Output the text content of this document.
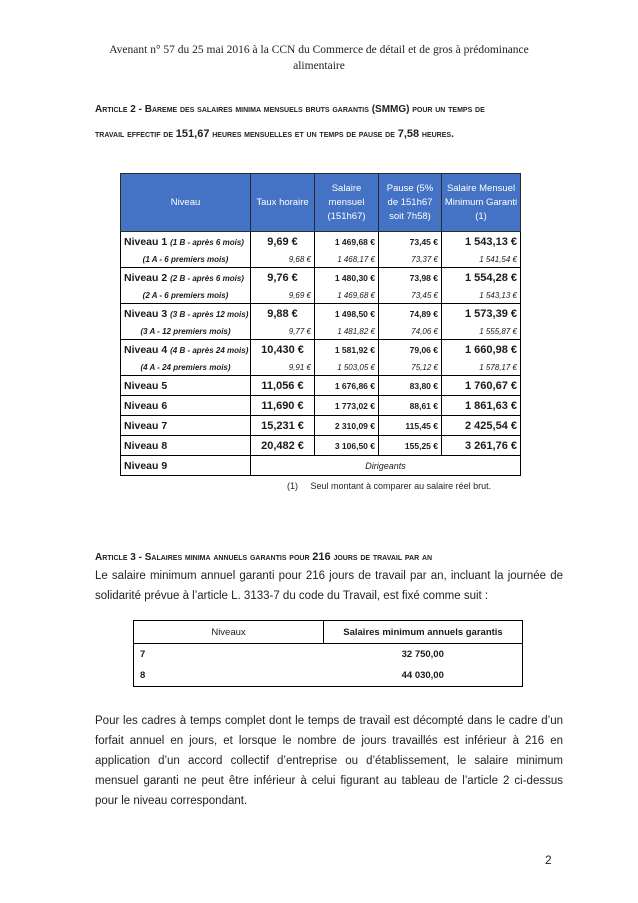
Avenant n° 57 du 25 mai 2016 à la CCN du Commerce de détail et de gros à prédominance
alimentaire
Article 2 - Bareme des salaires minima mensuels bruts garantis (SMMG) pour un temps de
travail effectif de 151,67 heures mensuelles et un temps de pause de 7,58 heures.
Niveau	Taux horaire	Salaire mensuel (151h67)	Pause (5% de 151h67 soit 7h58)	Salaire Mensuel Minimum Garanti (1)
Niveau 1 (1 B - après 6 mois)	9,69 €	1 469,68 €	73,45 €	1 543,13 €
(1 A - 6 premiers mois)	9,68 €	1 468,17 €	73,37 €	1 541,54 €
Niveau 2 (2 B - après 6 mois)	9,76 €	1 480,30 €	73,98 €	1 554,28 €
(2 A - 6 premiers mois)	9,69 €	1 469,68 €	73,45 €	1 543,13 €
Niveau 3 (3 B - après 12 mois)	9,88 €	1 498,50 €	74,89 €	1 573,39 €
(3 A - 12 premiers mois)	9,77 €	1 481,82 €	74,06 €	1 555,87 €
Niveau 4 (4 B - après 24 mois)	10,430 €	1 581,92 €	79,06 €	1 660,98 €
(4 A - 24 premiers mois)	9,91 €	1 503,05 €	75,12 €	1 578,17 €
Niveau 5	11,056 €	1 676,86 €	83,80 €	1 760,67 €
Niveau 6	11,690 €	1 773,02 €	88,61 €	1 861,63 €
Niveau 7	15,231 €	2 310,09 €	115,45 €	2 425,54 €
Niveau 8	20,482 €	3 106,50 €	155,25 €	3 261,76 €
Niveau 9	Dirigeants			
(1) Seul montant à comparer au salaire réel brut.
Article 3 - Salaires minima annuels garantis pour 216 jours de travail par an
Le salaire minimum annuel garanti pour 216 jours de travail par an, incluant la journée de solidarité prévue à l’article L. 3133-7 du code du Travail, est fixé comme suit :
Niveaux	Salaires minimum annuels garantis
7	32 750,00
8	44 030,00
Pour les cadres à temps complet dont le temps de travail est décompté dans le cadre d’un forfait annuel en jours, et lorsque le nombre de jours travaillés est inférieur à 216 en application d’un accord collectif d’entreprise ou d’établissement, le salaire minimum mensuel garanti ne peut être inférieur à celui figurant au tableau de l’article 2 ci-dessus pour le niveau correspondant.
2
